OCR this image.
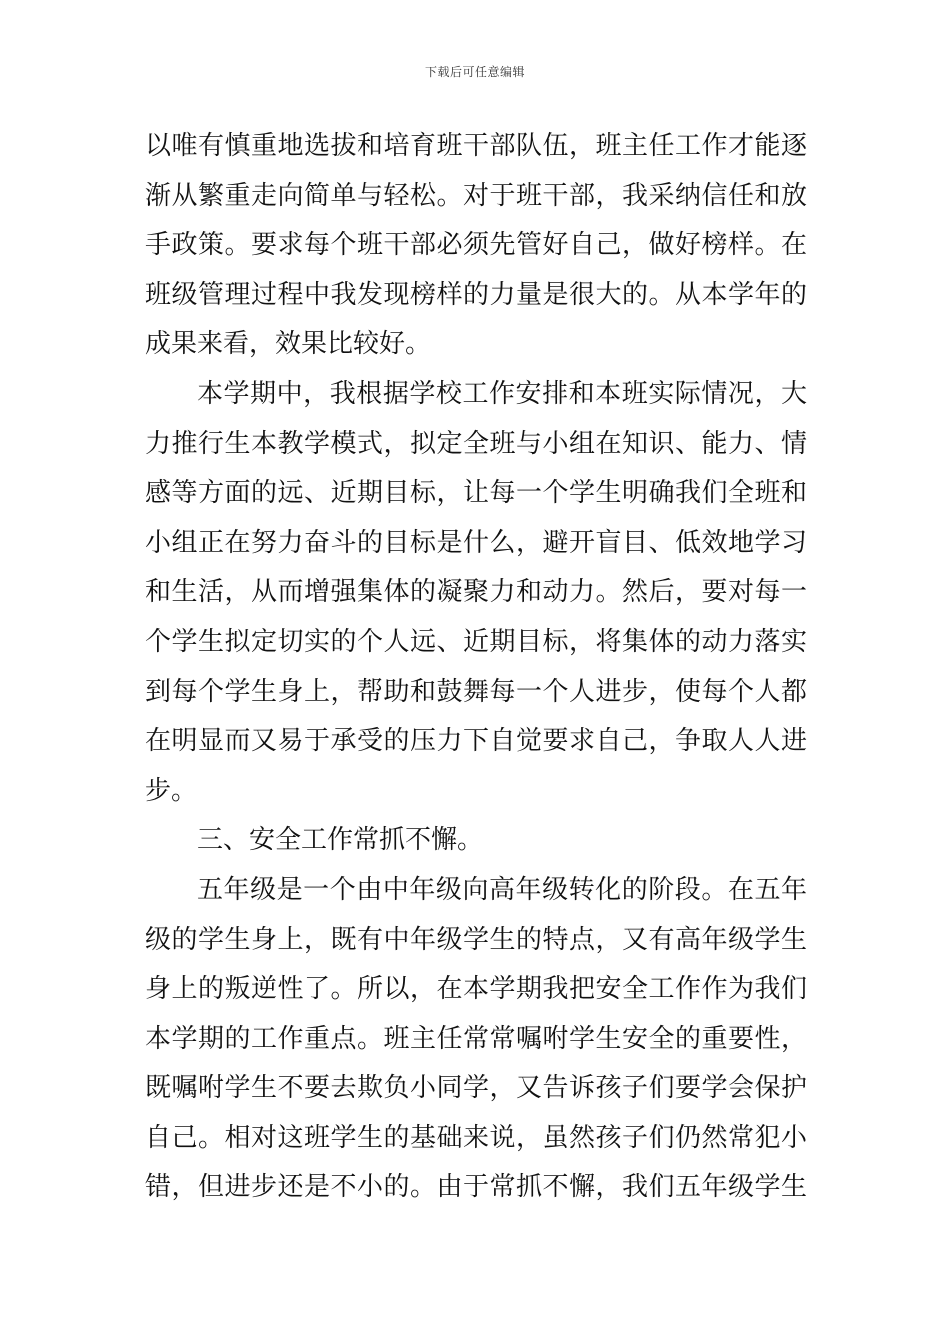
下载后可任意编辑
以唯有慎重地选拔和培育班干部队伍，班主任工作才能逐
渐从繁重走向简单与轻松。对于班干部，我采纳信任和放
手政策。要求每个班干部必须先管好自己，做好榜样。在
班级管理过程中我发现榜样的力量是很大的。从本学年的
成果来看，效果比较好。
本学期中，我根据学校工作安排和本班实际情况，大
力推行生本教学模式，拟定全班与小组在知识、能力、情
感等方面的远、近期目标，让每一个学生明确我们全班和
小组正在努力奋斗的目标是什么，避开盲目、低效地学习
和生活，从而增强集体的凝聚力和动力。然后，要对每一
个学生拟定切实的个人远、近期目标，将集体的动力落实
到每个学生身上，帮助和鼓舞每一个人进步，使每个人都
在明显而又易于承受的压力下自觉要求自己，争取人人进
步。
三、安全工作常抓不懈。
五年级是一个由中年级向高年级转化的阶段。在五年
级的学生身上，既有中年级学生的特点，又有高年级学生
身上的叛逆性了。所以，在本学期我把安全工作作为我们
本学期的工作重点。班主任常常嘱咐学生安全的重要性，
既嘱咐学生不要去欺负小同学，又告诉孩子们要学会保护
自己。相对这班学生的基础来说，虽然孩子们仍然常犯小
错，但进步还是不小的。由于常抓不懈，我们五年级学生
